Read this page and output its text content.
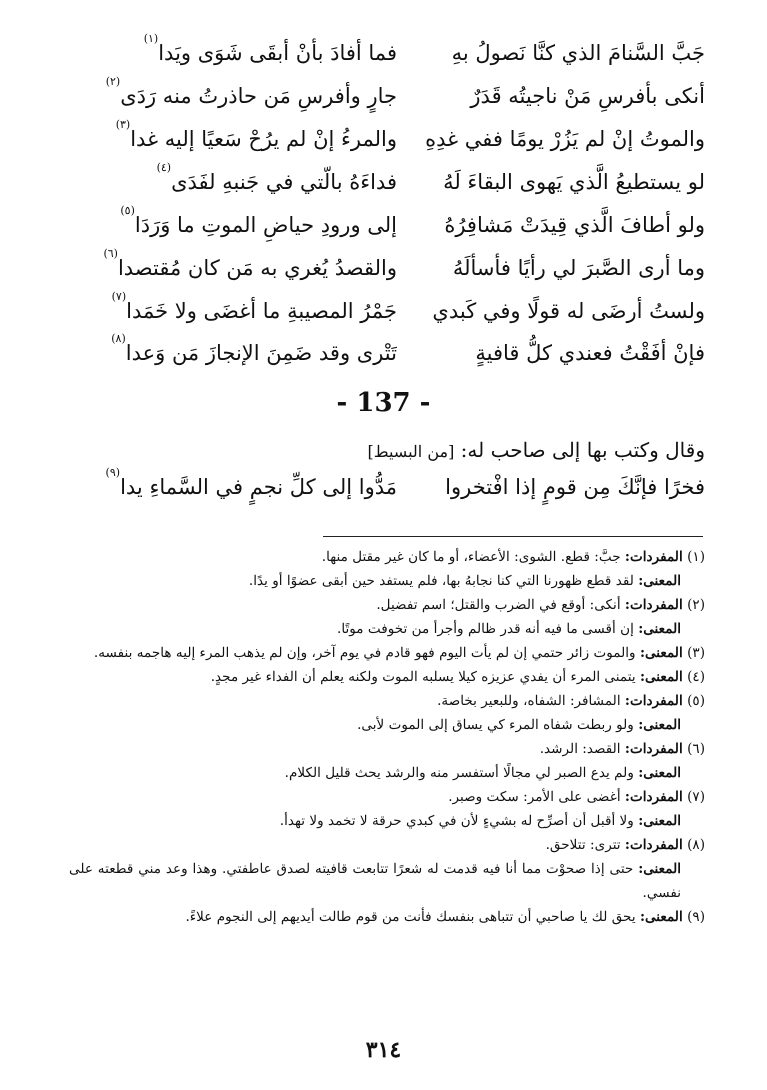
جَبَّ السَّنامَ الذي كنَّا نَصولُ بهِ
فما أفادَ بأنْ أبقَى شَوَى ويَدا$^{(١)}$
أنكى بأفرسِ مَنْ ناجيتُه قَدَرٌ
جارٍ وأفرسِ مَن حاذرتُ منه رَدَى$^{(٢)}$
والموتُ إنْ لم يَزُرْ يومًا ففي غدِهِ
والمرءُ إنْ لم يرُحْ سَعيًا إليه غدا$^{(٣)}$
لو يستطيعُ الَّذي يَهوى البقاءَ لَهُ
فداءَهُ بالّتي في جَنبهِ لفَدَى$^{(٤)}$
ولو أطافَ الَّذي قِيدَتْ مَشافِرُهُ
إلى ورودِ حياضِ الموتِ ما وَرَدَا$^{(٥)}$
وما أرى الصَّبرَ لي رأيًا فأسألَهُ
والقصدُ يُغري به مَن كان مُقتصدا$^{(٦)}$
ولستُ أرضَى له قولًا وفي كَبدي
جَمْرُ المصيبةِ ما أغضَى ولا خَمَدا$^{(٧)}$
فإنْ أفَقْتُ فعندي كلُّ قافيةٍ
تَتْرى وقد ضَمِنَ الإنجازَ مَن وَعدا$^{(٨)}$
- 137 -
وقال وكتب بها إلى صاحب له: [من البسيط]
فخرًا فإنَّكَ مِن قومٍ إذا افْتخروا
مَدُّوا إلى كلِّ نجمٍ في السَّماءِ يدا$^{(٩)}$
(١) المفردات: جبَّ: قطع. الشوى: الأعضاء، أو ما كان غير مقتل منها.
المعنى: لقد قطع ظهورنا التي كنا نجابهُ بها، فلم يستفد حين أبقى عضوًا أو يدًا.
(٢) المفردات: أنكى: أوقع في الضرب والقتل؛ اسم تفضيل.
المعنى: إن أقسى ما فيه أنه قدر ظالم وأجرأ من تخوفت موتًا.
(٣) المعنى: والموت زائر حتمي إن لم يأت اليوم فهو قادم في يوم آخر، وإن لم يذهب المرء إليه هاجمه بنفسه.
(٤) المعنى: يتمنى المرء أن يفدي عزيزه كيلا يسلبه الموت ولكنه يعلم أن الفداء غير مجدٍ.
(٥) المفردات: المشافر: الشفاه، وللبعير بخاصة.
المعنى: ولو ربطت شفاه المرء كي يساق إلى الموت لأبى.
(٦) المفردات: القصد: الرشد.
المعنى: ولم يدع الصبر لي مجالًا أستفسر منه والرشد يحث قليل الكلام.
(٧) المفردات: أغضى على الأمر: سكت وصبر.
المعنى: ولا أقبل أن أصرِّح له بشيءٍ لأن في كبدي حرقة لا تخمد ولا تهدأ.
(٨) المفردات: تترى: تتلاحق.
المعنى: حتى إذا صحوْت مما أنا فيه قدمت له شعرًا تتابعت قافيته لصدق عاطفتي. وهذا وعد مني قطعته على نفسي.
(٩) المعنى: يحق لك يا صاحبي أن تتباهى بنفسك فأنت من قوم طالت أيديهم إلى النجوم علاءً.
٣١٤
